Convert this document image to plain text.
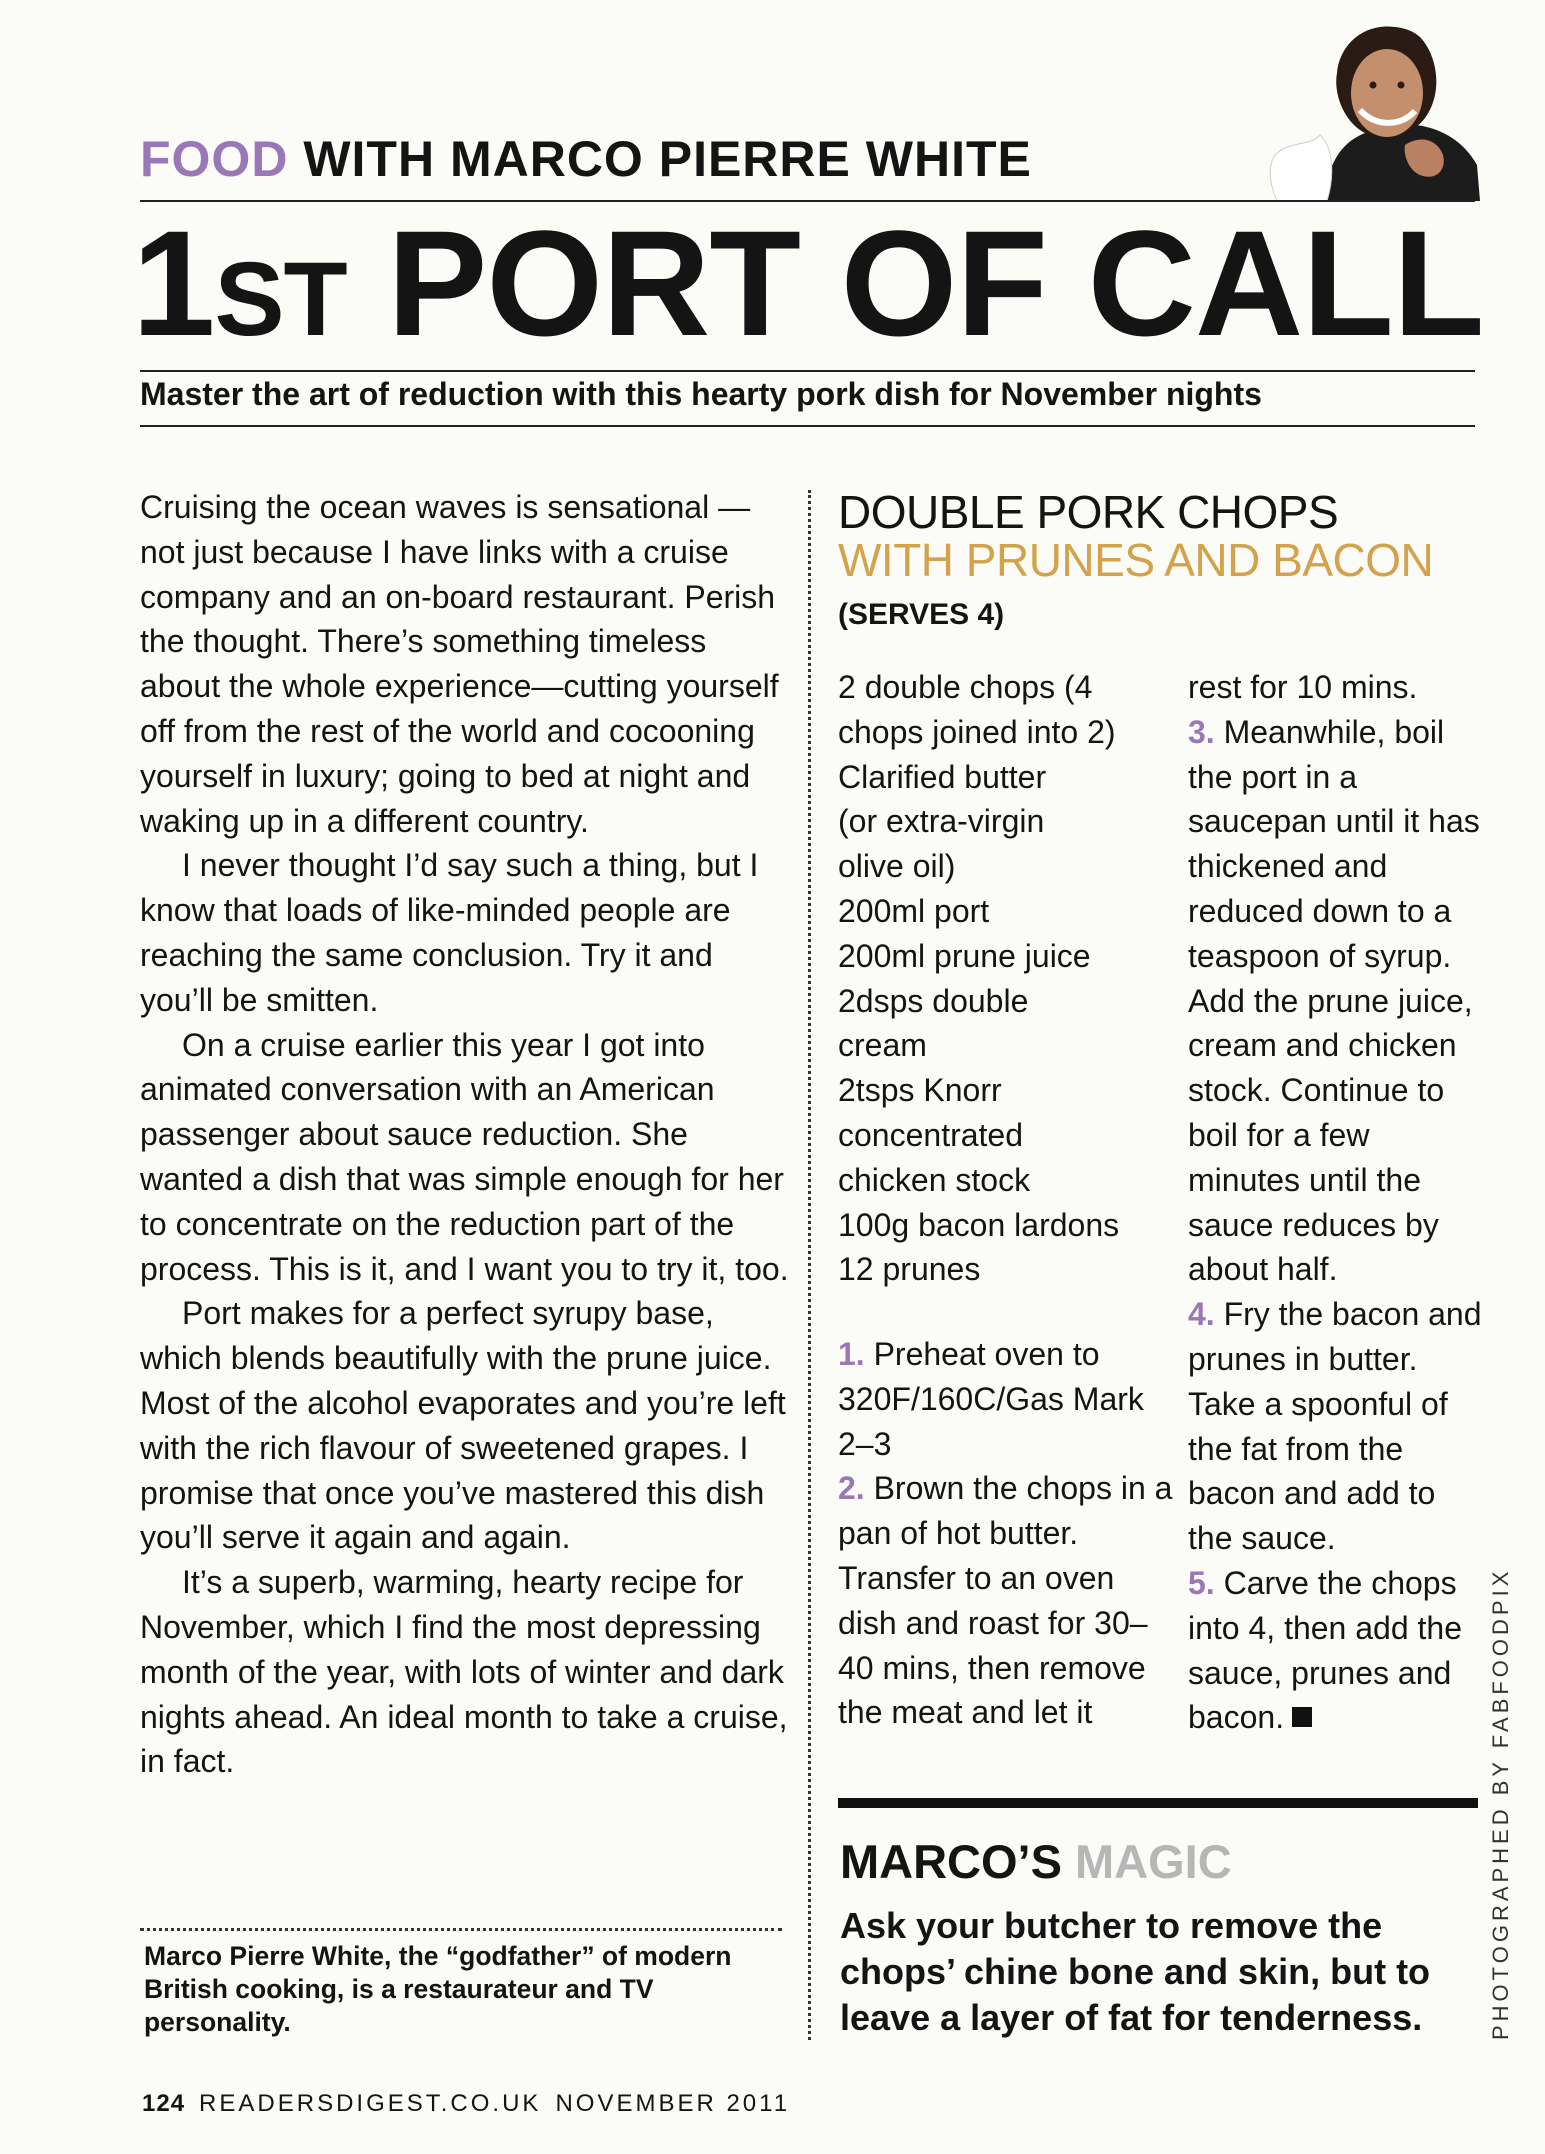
FOOD WITH MARCO PIERRE WHITE
1ST PORT OF CALL
Master the art of reduction with this hearty pork dish for November nights

Cruising the ocean waves is sensational —not just because I have links with a cruise company and an on-board restaurant. Perish the thought. There’s something timeless about the whole experience—cutting yourself off from the rest of the world and cocooning yourself in luxury; going to bed at night and waking up in a different country.

I never thought I’d say such a thing, but I know that loads of like-minded people are reaching the same conclusion. Try it and you’ll be smitten.

On a cruise earlier this year I got into animated conversation with an American passenger about sauce reduction. She wanted a dish that was simple enough for her to concentrate on the reduction part of the process. This is it, and I want you to try it, too.

Port makes for a perfect syrupy base, which blends beautifully with the prune juice. Most of the alcohol evaporates and you’re left with the rich flavour of sweetened grapes. I promise that once you’ve mastered this dish you’ll serve it again and again.

It’s a superb, warming, hearty recipe for November, which I find the most depressing month of the year, with lots of winter and dark nights ahead. An ideal month to take a cruise, in fact.

Marco Pierre White, the “godfather” of modern British cooking, is a restaurateur and TV personality.
DOUBLE PORK CHOPS
WITH PRUNES AND BACON
(SERVES 4)
2 double chops (4
chops joined into 2)
Clarified butter
(or extra-virgin
olive oil)
200ml port
200ml prune juice
2dsps double
cream
2tsps Knorr
concentrated
chicken stock
100g bacon lardons
12 prunes
1. Preheat oven to 320F/160C/Gas Mark 2–3
2. Brown the chops in a pan of hot butter. Transfer to an oven dish and roast for 30–40 mins, then remove the meat and let it
rest for 10 mins.
3. Meanwhile, boil the port in a saucepan until it has thickened and reduced down to a teaspoon of syrup. Add the prune juice, cream and chicken stock. Continue to boil for a few minutes until the sauce reduces by about half.
4. Fry the bacon and prunes in butter. Take a spoonful of the fat from the bacon and add to the sauce.
5. Carve the chops into 4, then add the sauce, prunes and bacon.
MARCO’S MAGIC
Ask your butcher to remove the chops’ chine bone and skin, but to leave a layer of fat for tenderness.	PHOTOGRAPHED BY FABFOODPIX
124 READERSDIGEST.CO.UK NOVEMBER 2011
